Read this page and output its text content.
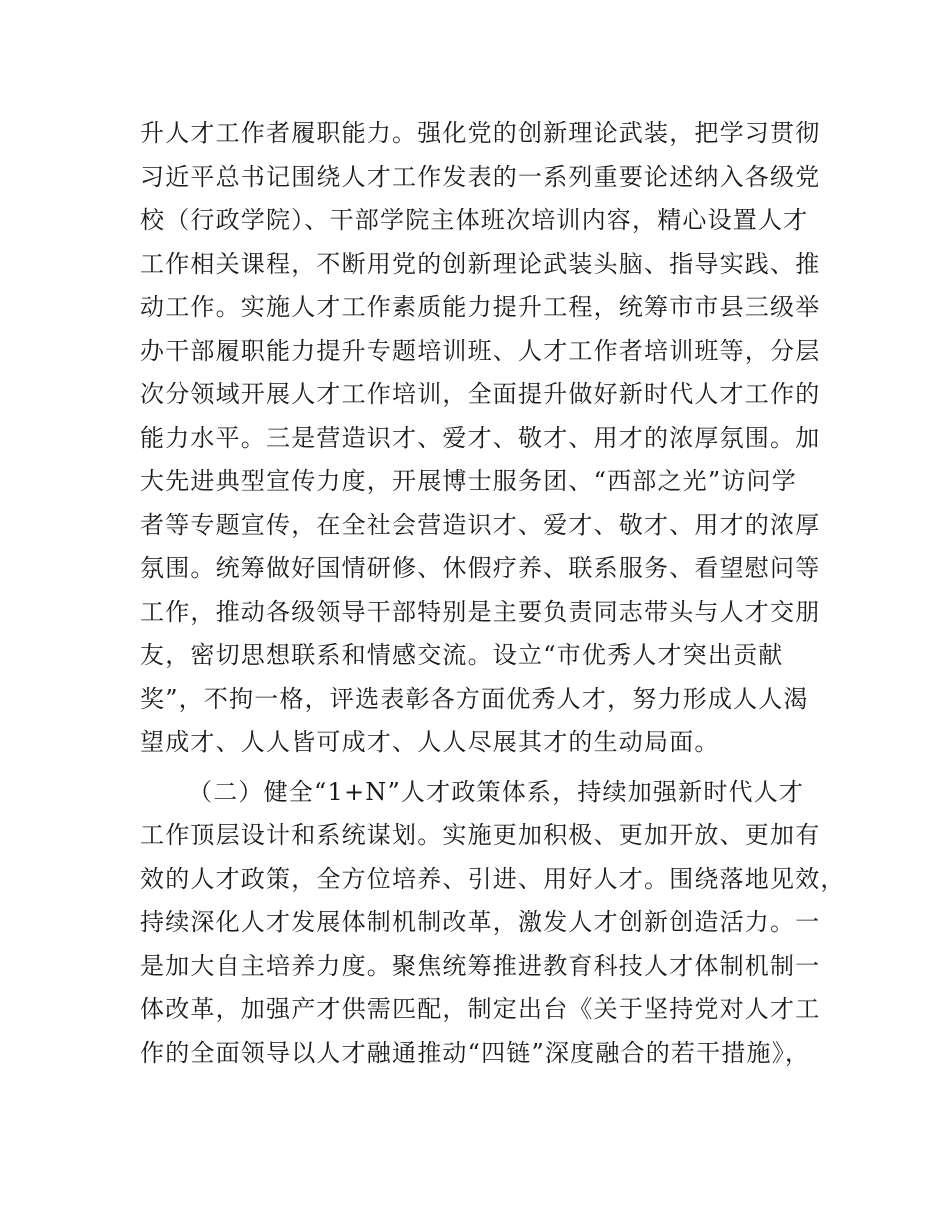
升人才工作者履职能力。强化党的创新理论武装，把学习贯彻
习近平总书记围绕人才工作发表的一系列重要论述纳入各级党
校（行政学院）、干部学院主体班次培训内容，精心设置人才
工作相关课程，不断用党的创新理论武装头脑、指导实践、推
动工作。实施人才工作素质能力提升工程，统筹市市县三级举
办干部履职能力提升专题培训班、人才工作者培训班等，分层
次分领域开展人才工作培训，全面提升做好新时代人才工作的
能力水平。三是营造识才、爱才、敬才、用才的浓厚氛围。加
大先进典型宣传力度，开展博士服务团、“西部之光”访问学
者等专题宣传，在全社会营造识才、爱才、敬才、用才的浓厚
氛围。统筹做好国情研修、休假疗养、联系服务、看望慰问等
工作，推动各级领导干部特别是主要负责同志带头与人才交朋
友，密切思想联系和情感交流。设立“市优秀人才突出贡献
奖”，不拘一格，评选表彰各方面优秀人才，努力形成人人渴
望成才、人人皆可成才、人人尽展其才的生动局面。
（二）健全“1+N”人才政策体系，持续加强新时代人才
工作顶层设计和系统谋划。实施更加积极、更加开放、更加有
效的人才政策，全方位培养、引进、用好人才。围绕落地见效，
持续深化人才发展体制机制改革，激发人才创新创造活力。一
是加大自主培养力度。聚焦统筹推进教育科技人才体制机制一
体改革，加强产才供需匹配，制定出台《关于坚持党对人才工
作的全面领导以人才融通推动“四链”深度融合的若干措施》，
